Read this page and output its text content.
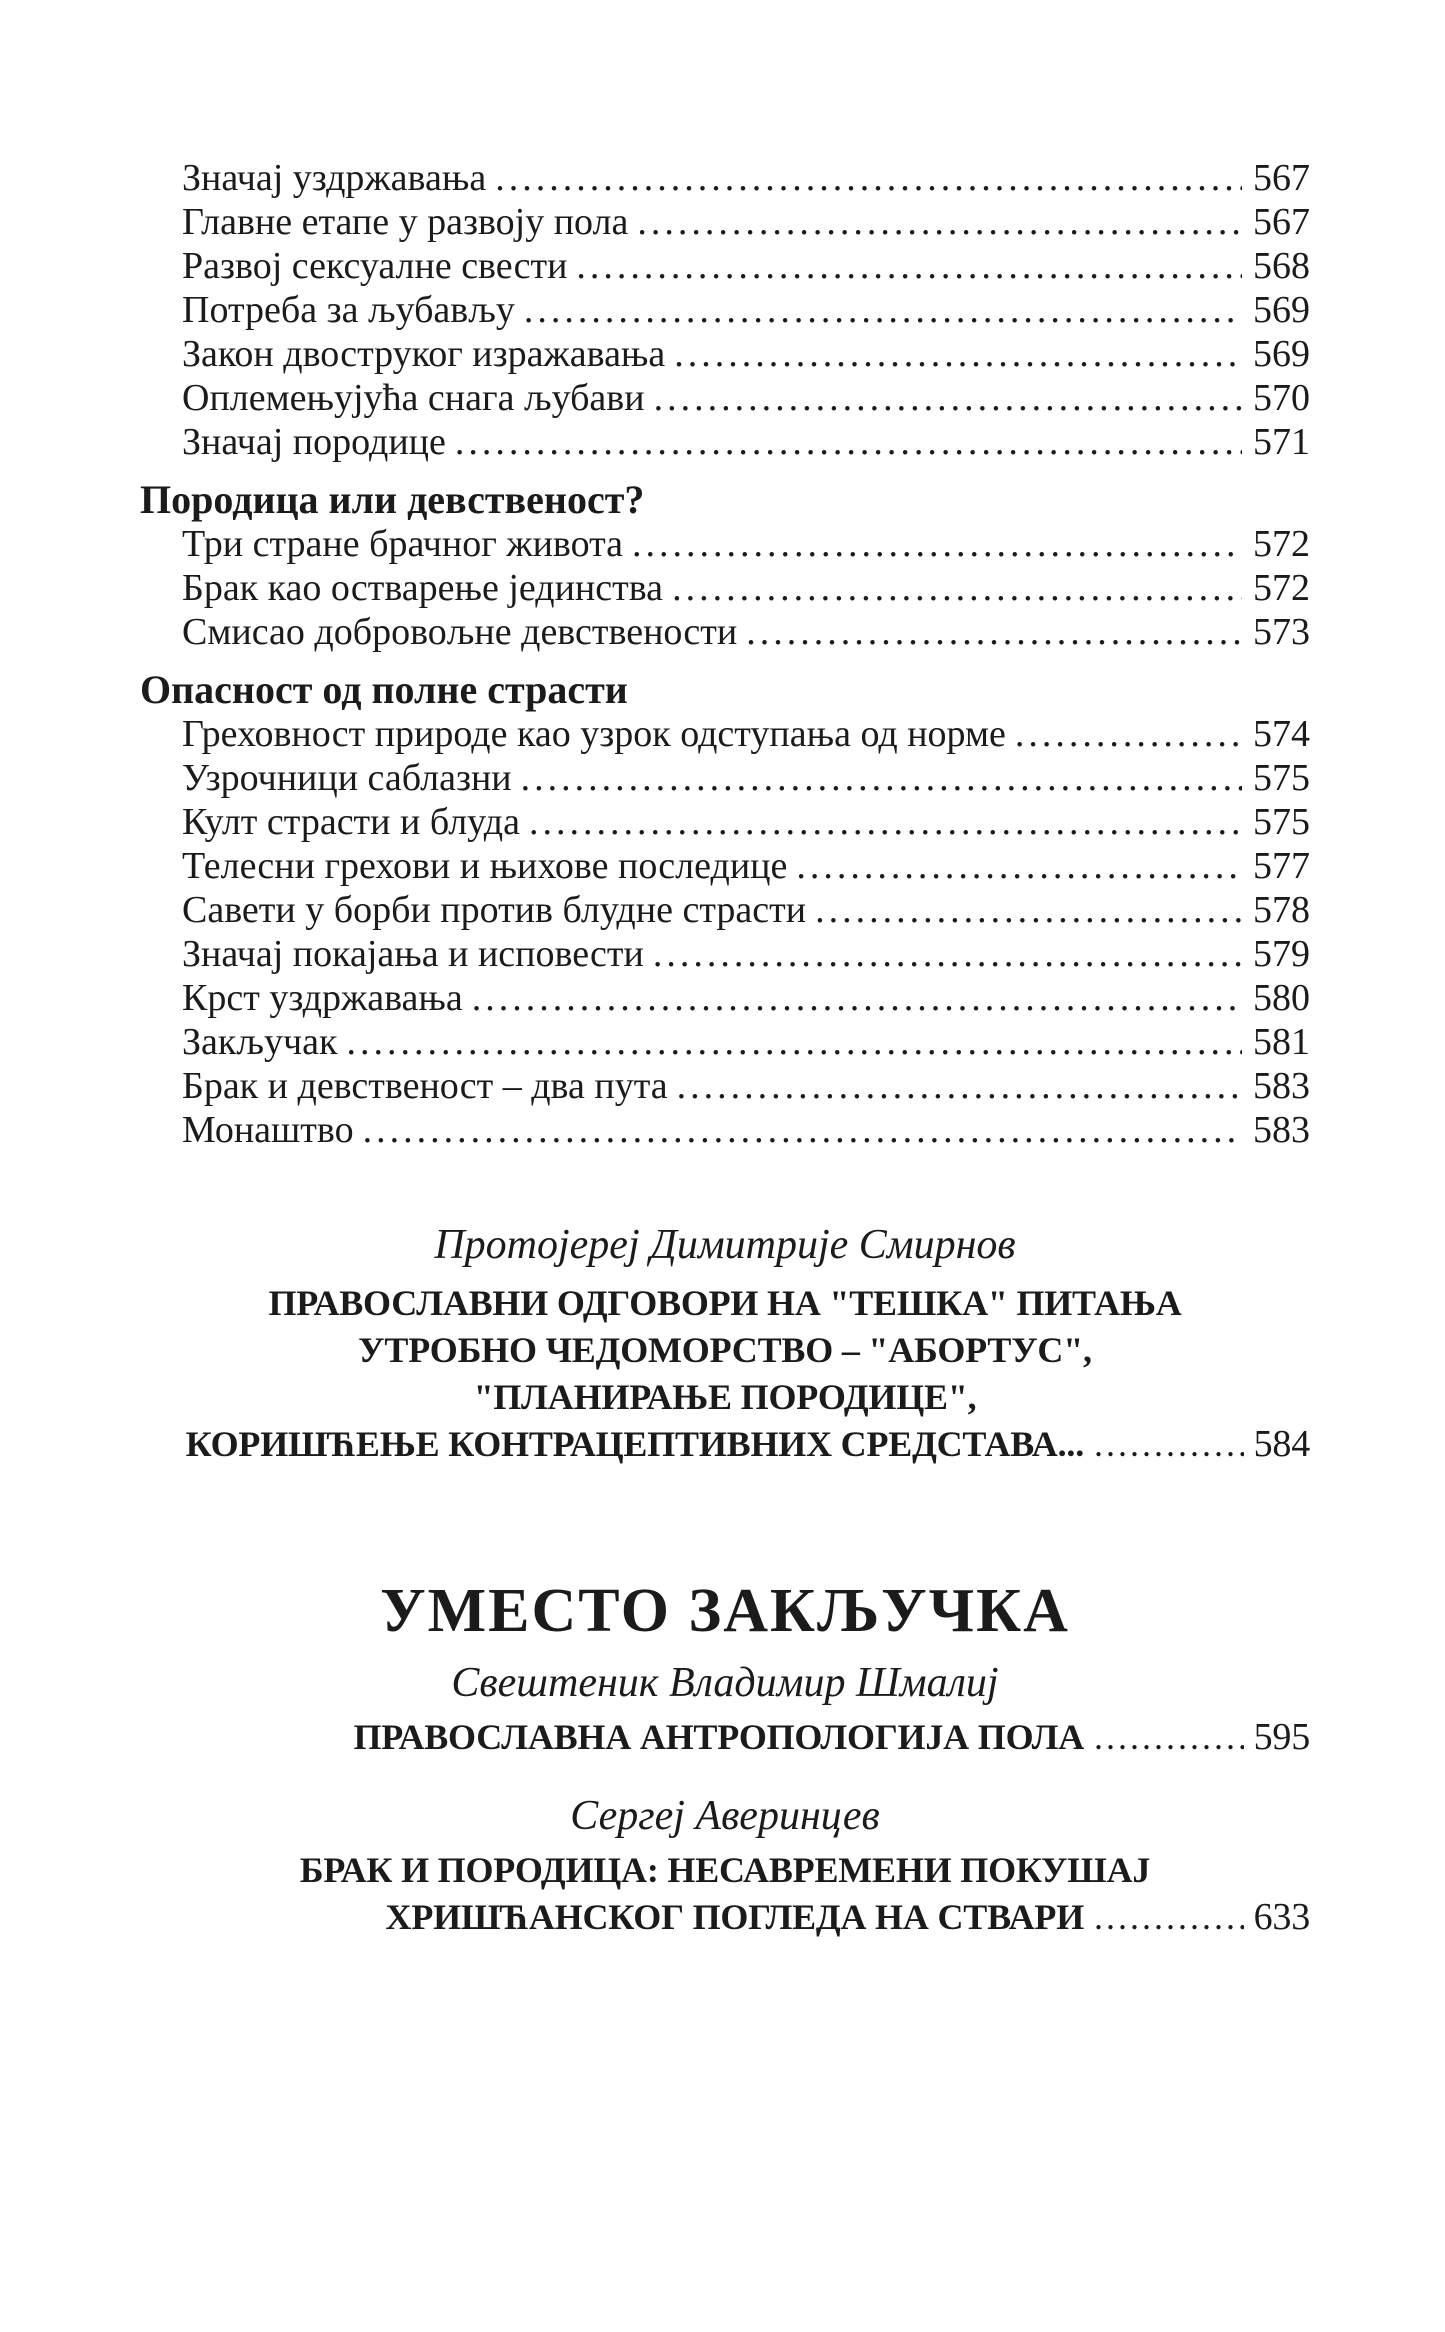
Значај уздржавања .....	567
Главне етапе у развоју пола .....	567
Развој сексуалне свести .....	568
Потреба за љубављу .....	569
Закон двоструког изражавања .....	569
Оплемењујућа снага љубави .....	570
Значај породице .....	571
Породица или девственост?
Три стране брачног живота .....	572
Брак као остварење јединства .....	572
Смисао добровољне девствености .....	573
Опасност од полне страсти
Греховност природе као узрок одступања од норме .....	574
Узрочници саблазни .....	575
Култ страсти и блуда .....	575
Телесни грехови и њихове последице .....	577
Савети у борби против блудне страсти .....	578
Значај покајања и исповести .....	579
Крст уздржавања .....	580
Закључак .....	581
Брак и девственост – два пута .....	583
Монаштво .....	583
Протојереј Димитрије Смирнов
ПРАВОСЛАВНИ ОДГОВОРИ НА "ТЕШКА" ПИТАЊА
УТРОБНО ЧЕДОМОРСТВО – "АБОРТУС",
"ПЛАНИРАЊЕ ПОРОДИЦЕ",
КОРИШЋЕЊЕ КОНТРАЦЕПТИВНИХ СРЕДСТАВА... .....	584
УМЕСТО ЗАКЉУЧКА
Свештеник Владимир Шмалиј
ПРАВОСЛАВНА АНТРОПОЛОГИЈА ПОЛА .....	595
Сергеј Аверинцев
БРАК И ПОРОДИЦА: НЕСАВРЕМЕНИ ПОКУШАЈ
ХРИШЋАНСКОГ ПОГЛЕДА НА СТВАРИ .....	633
